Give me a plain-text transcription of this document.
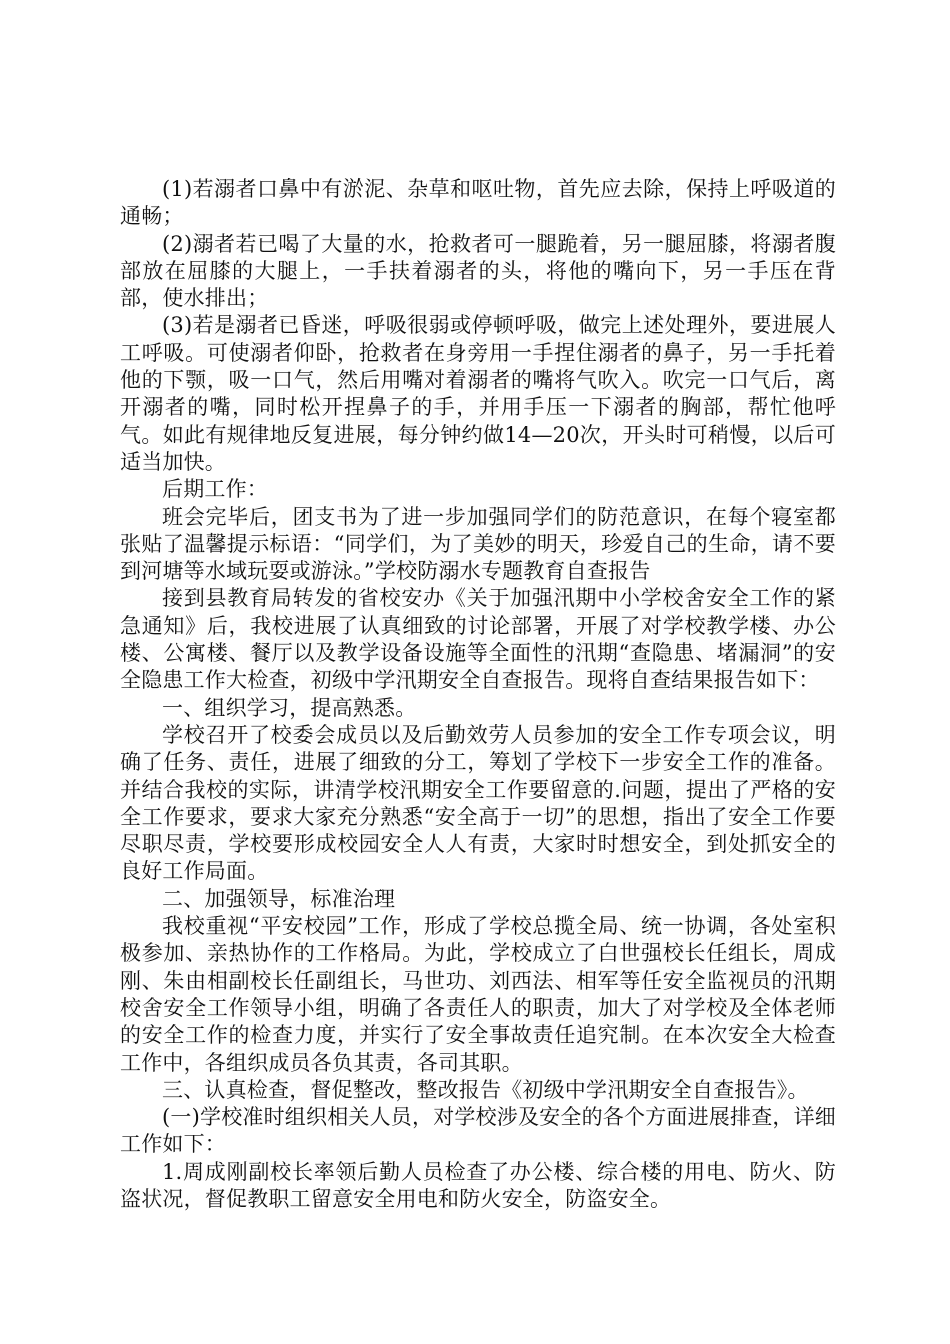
(1)若溺者口鼻中有淤泥、杂草和呕吐物，首先应去除，保持上呼吸道的通畅；

(2)溺者若已喝了大量的水，抢救者可一腿跪着，另一腿屈膝，将溺者腹部放在屈膝的大腿上，一手扶着溺者的头，将他的嘴向下，另一手压在背部，使水排出；

(3)若是溺者已昏迷，呼吸很弱或停顿呼吸，做完上述处理外，要进展人工呼吸。可使溺者仰卧，抢救者在身旁用一手捏住溺者的鼻子，另一手托着他的下颚，吸一口气，然后用嘴对着溺者的嘴将气吹入。吹完一口气后，离开溺者的嘴，同时松开捏鼻子的手，并用手压一下溺者的胸部，帮忙他呼气。如此有规律地反复进展，每分钟约做14—20次，开头时可稍慢，以后可适当加快。

后期工作：

班会完毕后，团支书为了进一步加强同学们的防范意识，在每个寝室都张贴了温馨提示标语：“同学们，为了美妙的明天，珍爱自己的生命，请不要到河塘等水域玩耍或游泳。”学校防溺水专题教育自查报告

接到县教育局转发的省校安办《关于加强汛期中小学校舍安全工作的紧急通知》后，我校进展了认真细致的讨论部署，开展了对学校教学楼、办公楼、公寓楼、餐厅以及教学设备设施等全面性的汛期“查隐患、堵漏洞”的安全隐患工作大检查，初级中学汛期安全自查报告。现将自查结果报告如下：

一、组织学习，提高熟悉。

学校召开了校委会成员以及后勤效劳人员参加的安全工作专项会议，明确了任务、责任，进展了细致的分工，筹划了学校下一步安全工作的准备。并结合我校的实际，讲清学校汛期安全工作要留意的.问题，提出了严格的安全工作要求，要求大家充分熟悉“安全高于一切”的思想，指出了安全工作要尽职尽责，学校要形成校园安全人人有责，大家时时想安全，到处抓安全的良好工作局面。

二、加强领导，标准治理

我校重视“平安校园”工作，形成了学校总揽全局、统一协调，各处室积极参加、亲热协作的工作格局。为此，学校成立了白世强校长任组长，周成刚、朱由相副校长任副组长，马世功、刘西法、相军等任安全监视员的汛期校舍安全工作领导小组，明确了各责任人的职责，加大了对学校及全体老师的安全工作的检查力度，并实行了安全事故责任追究制。在本次安全大检查工作中，各组织成员各负其责，各司其职。

三、认真检查，督促整改，整改报告《初级中学汛期安全自查报告》。

(一)学校准时组织相关人员，对学校涉及安全的各个方面进展排查，详细工作如下：

1.周成刚副校长率领后勤人员检查了办公楼、综合楼的用电、防火、防盗状况，督促教职工留意安全用电和防火安全，防盗安全。
